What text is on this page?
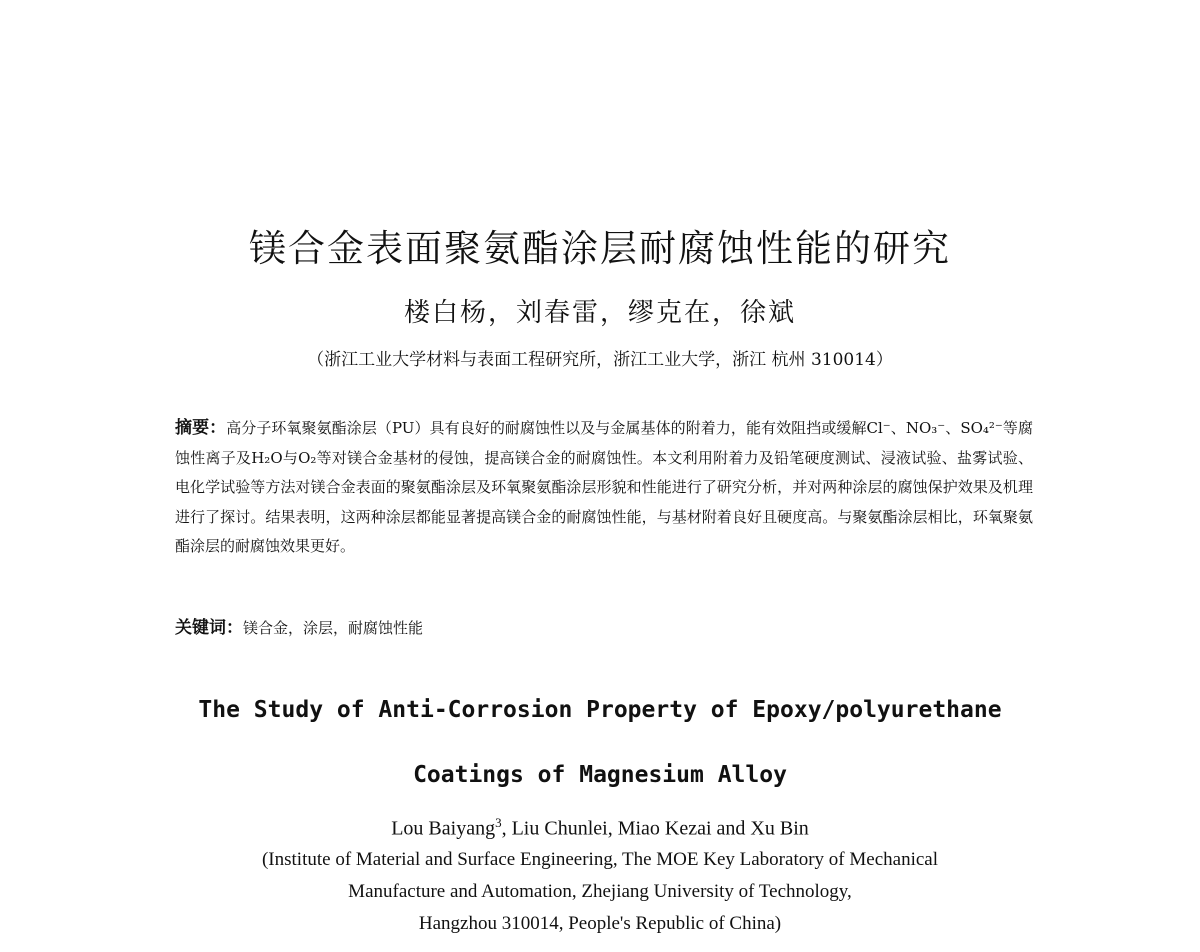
镁合金表面聚氨酯涂层耐腐蚀性能的研究
楼白杨，刘春雷，缪克在，徐斌
（浙江工业大学材料与表面工程研究所，浙江工业大学，浙江 杭州 310014）
摘要：高分子环氧聚氨酯涂层（PU）具有良好的耐腐蚀性以及与金属基体的附着力，能有效阻挡或缓解Cl⁻、NO₃⁻、SO₄²⁻等腐蚀性离子及H₂O与O₂等对镁合金基材的侵蚀，提高镁合金的耐腐蚀性。本文利用附着力及铅笔硬度测试、浸液试验、盐雾试验、电化学试验等方法对镁合金表面的聚氨酯涂层及环氧聚氨酯涂层形貌和性能进行了研究分析，并对两种涂层的腐蚀保护效果及机理进行了探讨。结果表明，这两种涂层都能显著提高镁合金的耐腐蚀性能，与基材附着良好且硬度高。与聚氨酯涂层相比，环氧聚氨酯涂层的耐腐蚀效果更好。
关键词：镁合金，涂层，耐腐蚀性能
The Study of Anti-Corrosion Property of Epoxy/polyurethane
Coatings of Magnesium Alloy
Lou Baiyang$^3$, Liu Chunlei, Miao Kezai and Xu Bin
(Institute of Material and Surface Engineering, The MOE Key Laboratory of Mechanical
Manufacture and Automation, Zhejiang University of Technology,
Hangzhou 310014, People's Republic of China)
